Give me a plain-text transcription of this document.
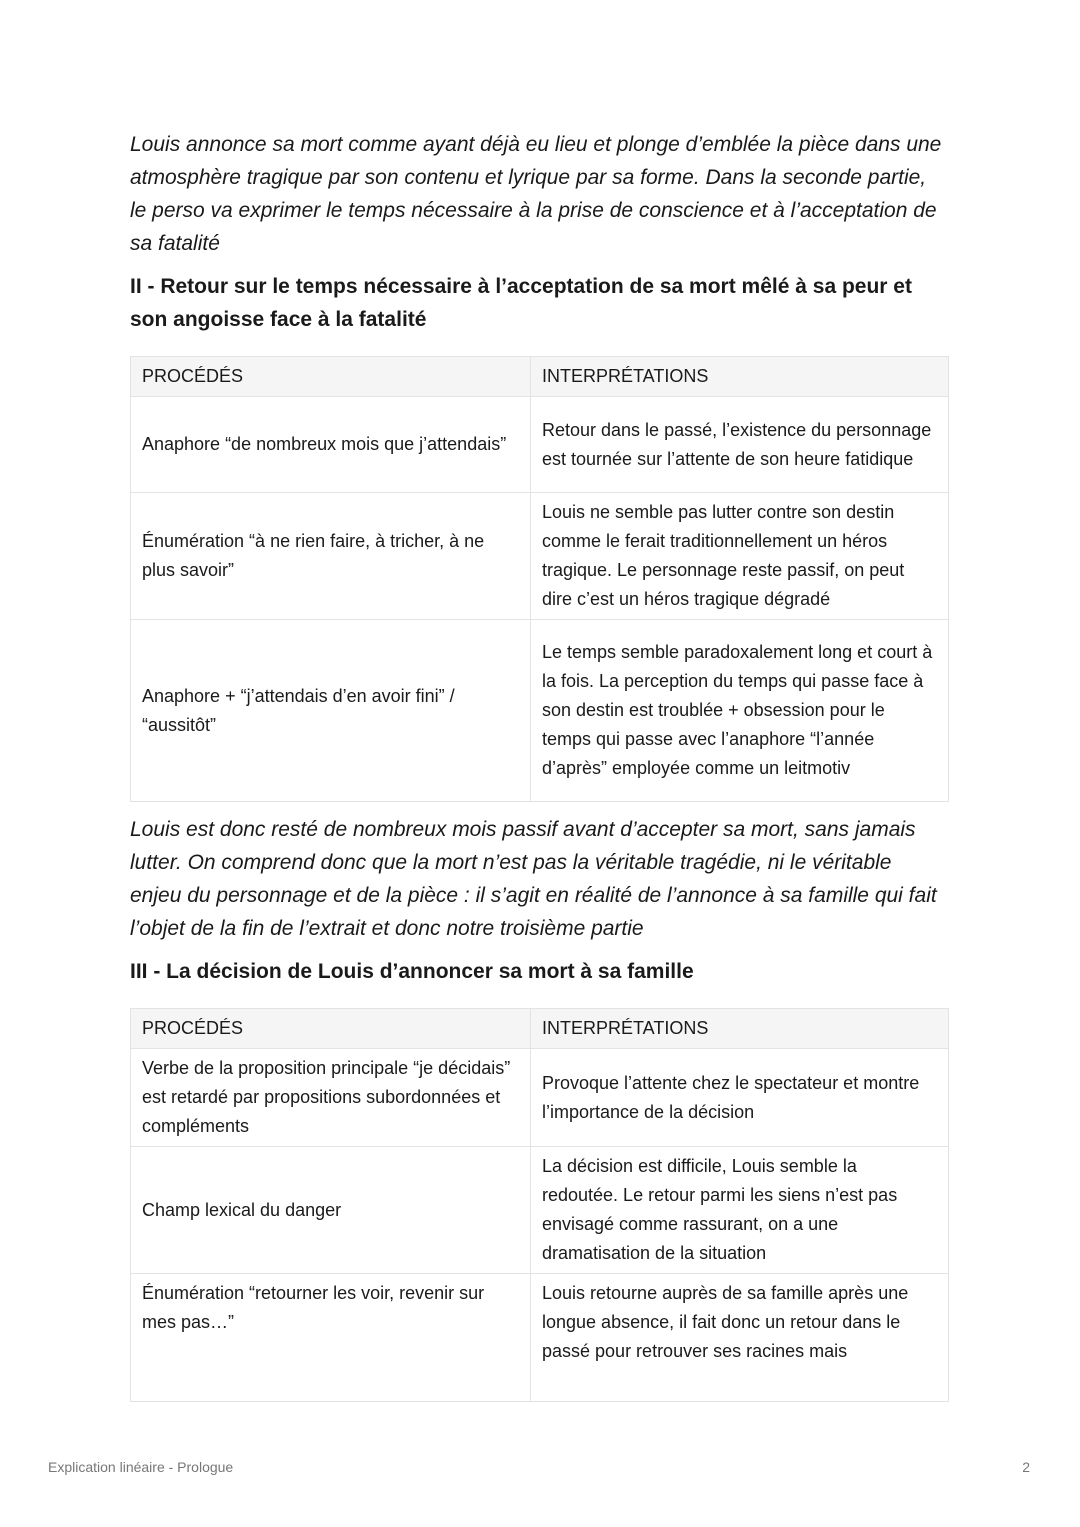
Louis annonce sa mort comme ayant déjà eu lieu et plonge d’emblée la pièce dans une atmosphère tragique par son contenu et lyrique par sa forme. Dans la seconde partie, le perso va exprimer le temps nécessaire à la prise de conscience et à l’acceptation de sa fatalité

II - Retour sur le temps nécessaire à l’acceptation de sa mort mêlé à sa peur et son angoisse face à la fatalité

PROCÉDÉS	INTERPRÉTATIONS
Anaphore “de nombreux mois que j’attendais”	Retour dans le passé, l’existence du personnage est tournée sur l’attente de son heure fatidique
Énumération “à ne rien faire, à tricher, à ne plus savoir”	Louis ne semble pas lutter contre son destin comme le ferait traditionnellement un héros tragique. Le personnage reste passif, on peut dire c’est un héros tragique dégradé
Anaphore + “j’attendais d’en avoir fini” / “aussitôt”	Le temps semble paradoxalement long et court à la fois. La perception du temps qui passe face à son destin est troublée + obsession pour le temps qui passe avec l’anaphore “l’année d’après” employée comme un leitmotiv

Louis est donc resté de nombreux mois passif avant d’accepter sa mort, sans jamais lutter. On comprend donc que la mort n’est pas la véritable tragédie, ni le véritable enjeu du personnage et de la pièce : il s’agit en réalité de l’annonce à sa famille qui fait l’objet de la fin de l’extrait et donc notre troisième partie

III - La décision de Louis d’annoncer sa mort à sa famille

PROCÉDÉS	INTERPRÉTATIONS
Verbe de la proposition principale “je décidais” est retardé par propositions subordonnées et compléments	Provoque l’attente chez le spectateur et montre l’importance de la décision
Champ lexical du danger	La décision est difficile, Louis semble la redoutée. Le retour parmi les siens n’est pas envisagé comme rassurant, on a une dramatisation de la situation
Énumération “retourner les voir, revenir sur mes pas…”	Louis retourne auprès de sa famille après une longue absence, il fait donc un retour dans le passé pour retrouver ses racines mais
Explication linéaire - Prologue	2
